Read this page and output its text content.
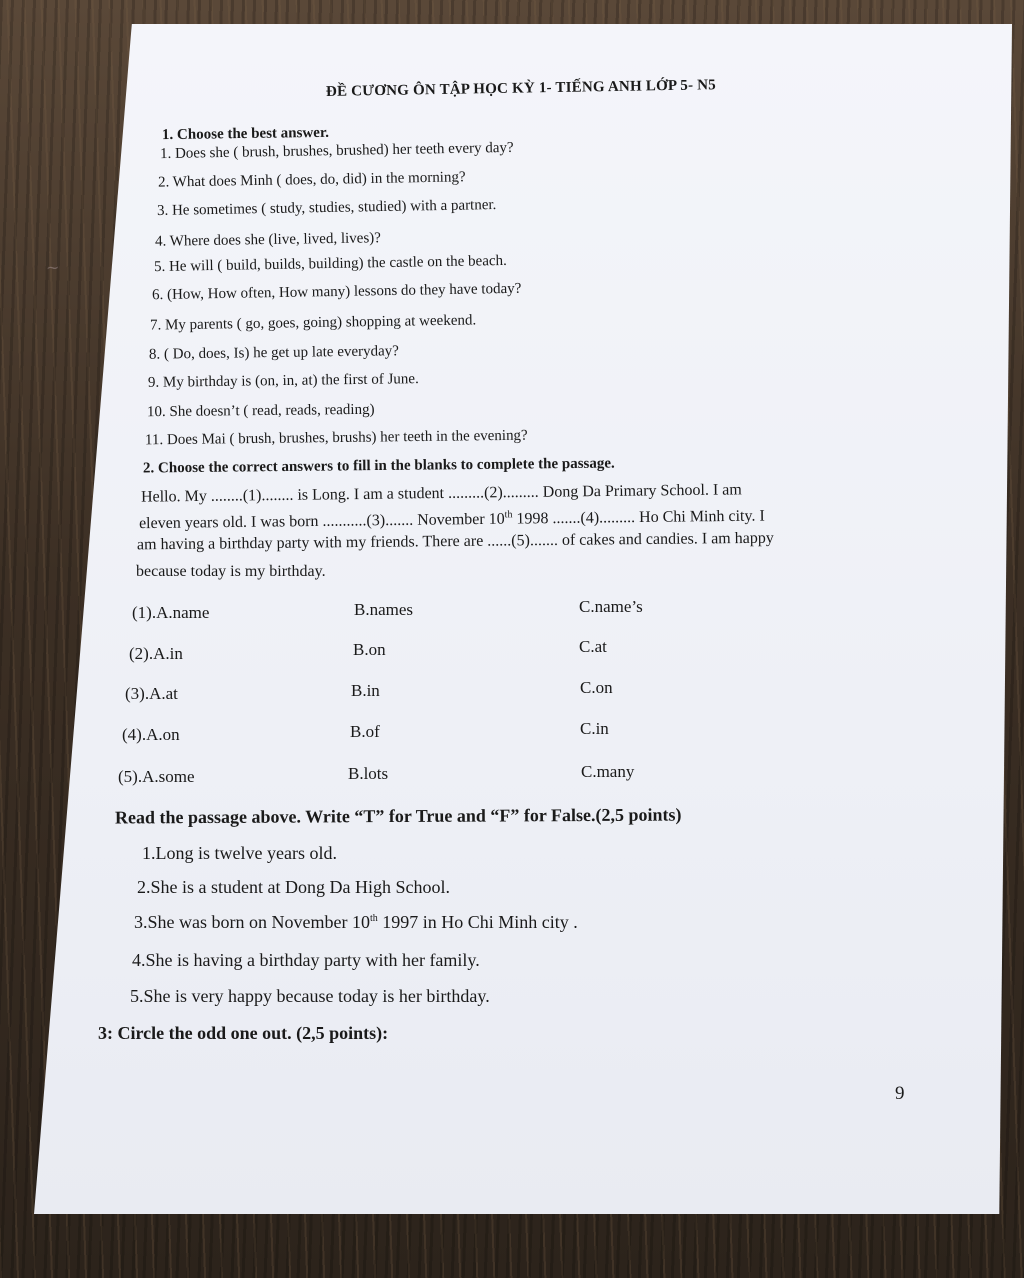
~
ĐỀ CƯƠNG ÔN TẬP HỌC KỲ 1- TIẾNG ANH LỚP 5- N5
1. Choose the best answer.
1. Does she ( brush, brushes, brushed) her teeth every day?
2. What does Minh ( does, do, did) in the morning?
3. He sometimes ( study, studies, studied) with a partner.
4. Where does she (live, lived, lives)?
5. He will ( build, builds, building) the castle on the beach.
6. (How, How often, How many) lessons do they have today?
7. My parents ( go, goes, going) shopping at weekend.
8. ( Do, does, Is) he get up late everyday?
9. My birthday is (on, in, at) the first of June.
10. She doesn’t ( read, reads, reading)
11. Does Mai ( brush, brushes, brushs) her teeth in the evening?
2. Choose the correct answers to fill in the blanks to complete the passage.
Hello. My ........(1)........ is Long. I am a student .........(2)......... Dong Da Primary School. I am
eleven years old. I was born ...........(3)....... November 10th 1998 .......(4)......... Ho Chi Minh city. I
am having a birthday party with my friends. There are ......(5)....... of cakes and candies. I am happy
because today is my birthday.
(1).A.name	B.names	C.name’s
(2).A.in	B.on	C.at
(3).A.at	B.in	C.on
(4).A.on	B.of	C.in
(5).A.some	B.lots	C.many
Read the passage above. Write “T” for True and “F” for False.(2,5 points)
1.Long is twelve years old.
2.She is a student at Dong Da High School.
3.She was born on November 10th 1997 in Ho Chi Minh city .
4.She is having a birthday party with her family.
5.She is very happy because today is her birthday.
3: Circle the odd one out. (2,5 points):
9
